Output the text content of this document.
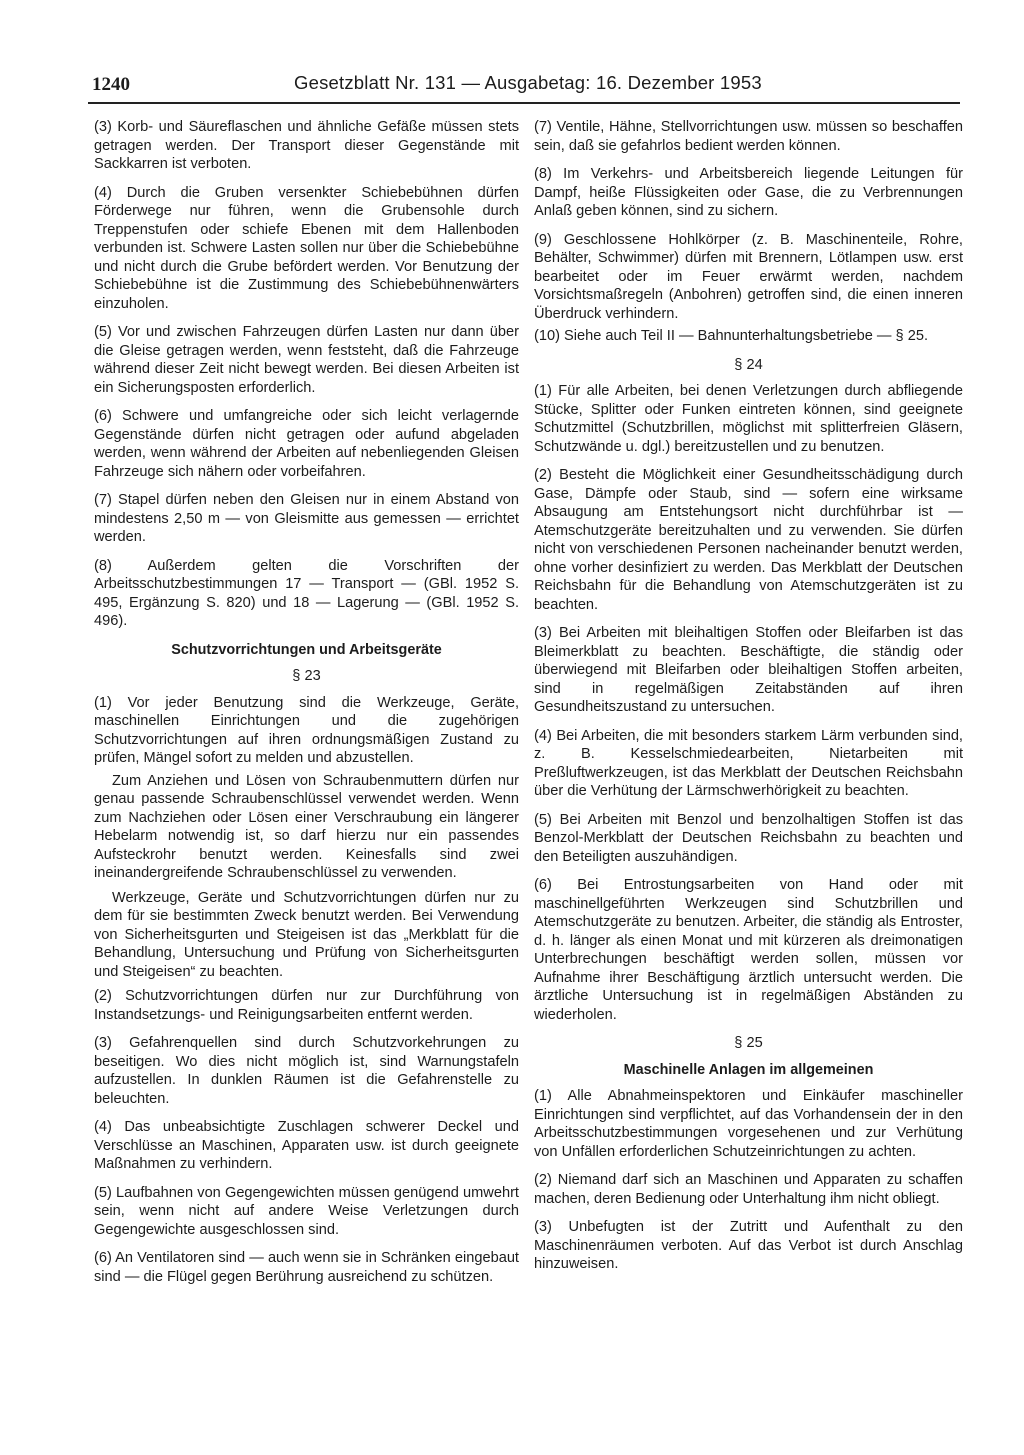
1240	Gesetzblatt Nr. 131 — Ausgabetag: 16. Dezember 1953

(3) Korb- und Säureflaschen und ähnliche Gefäße müssen stets getragen werden. Der Transport dieser Gegenstände mit Sackkarren ist verboten.

(4) Durch die Gruben versenkter Schiebebühnen dürfen Förderwege nur führen, wenn die Grubensohle durch Treppenstufen oder schiefe Ebenen mit dem Hallenboden verbunden ist. Schwere Lasten sollen nur über die Schiebebühne und nicht durch die Grube befördert werden. Vor Benutzung der Schiebebühne ist die Zustimmung des Schiebebühnenwärters einzuholen.

(5) Vor und zwischen Fahrzeugen dürfen Lasten nur dann über die Gleise getragen werden, wenn feststeht, daß die Fahrzeuge während dieser Zeit nicht bewegt werden. Bei diesen Arbeiten ist ein Sicherungsposten erforderlich.

(6) Schwere und umfangreiche oder sich leicht verlagernde Gegenstände dürfen nicht getragen oder aufund abgeladen werden, wenn während der Arbeiten auf nebenliegenden Gleisen Fahrzeuge sich nähern oder vorbeifahren.

(7) Stapel dürfen neben den Gleisen nur in einem Abstand von mindestens 2,50 m — von Gleismitte aus gemessen — errichtet werden.

(8) Außerdem gelten die Vorschriften der Arbeitsschutzbestimmungen 17 — Transport — (GBl. 1952 S. 495, Ergänzung S. 820) und 18 — Lagerung — (GBl. 1952 S. 496).

Schutzvorrichtungen und Arbeitsgeräte
§ 23

(1) Vor jeder Benutzung sind die Werkzeuge, Geräte, maschinellen Einrichtungen und die zugehörigen Schutzvorrichtungen auf ihren ordnungsmäßigen Zustand zu prüfen, Mängel sofort zu melden und abzustellen.

Zum Anziehen und Lösen von Schraubenmuttern dürfen nur genau passende Schraubenschlüssel verwendet werden. Wenn zum Nachziehen oder Lösen einer Verschraubung ein längerer Hebelarm notwendig ist, so darf hierzu nur ein passendes Aufsteckrohr benutzt werden. Keinesfalls sind zwei ineinandergreifende Schraubenschlüssel zu verwenden.

Werkzeuge, Geräte und Schutzvorrichtungen dürfen nur zu dem für sie bestimmten Zweck benutzt werden. Bei Verwendung von Sicherheitsgurten und Steigeisen ist das „Merkblatt für die Behandlung, Untersuchung und Prüfung von Sicherheitsgurten und Steigeisen“ zu beachten.

(2) Schutzvorrichtungen dürfen nur zur Durchführung von Instandsetzungs- und Reinigungsarbeiten entfernt werden.

(3) Gefahrenquellen sind durch Schutzvorkehrungen zu beseitigen. Wo dies nicht möglich ist, sind Warnungstafeln aufzustellen. In dunklen Räumen ist die Gefahrenstelle zu beleuchten.

(4) Das unbeabsichtigte Zuschlagen schwerer Deckel und Verschlüsse an Maschinen, Apparaten usw. ist durch geeignete Maßnahmen zu verhindern.

(5) Laufbahnen von Gegengewichten müssen genügend umwehrt sein, wenn nicht auf andere Weise Verletzungen durch Gegengewichte ausgeschlossen sind.

(6) An Ventilatoren sind — auch wenn sie in Schränken eingebaut sind — die Flügel gegen Berührung ausreichend zu schützen.

(7) Ventile, Hähne, Stellvorrichtungen usw. müssen so beschaffen sein, daß sie gefahrlos bedient werden können.

(8) Im Verkehrs- und Arbeitsbereich liegende Leitungen für Dampf, heiße Flüssigkeiten oder Gase, die zu Verbrennungen Anlaß geben können, sind zu sichern.

(9) Geschlossene Hohlkörper (z. B. Maschinenteile, Rohre, Behälter, Schwimmer) dürfen mit Brennern, Lötlampen usw. erst bearbeitet oder im Feuer erwärmt werden, nachdem Vorsichtsmaßregeln (Anbohren) getroffen sind, die einen inneren Überdruck verhindern.

(10) Siehe auch Teil II — Bahnunterhaltungsbetriebe — § 25.

§ 24

(1) Für alle Arbeiten, bei denen Verletzungen durch abfliegende Stücke, Splitter oder Funken eintreten können, sind geeignete Schutzmittel (Schutzbrillen, möglichst mit splitterfreien Gläsern, Schutzwände u. dgl.) bereitzustellen und zu benutzen.

(2) Besteht die Möglichkeit einer Gesundheitsschädigung durch Gase, Dämpfe oder Staub, sind — sofern eine wirksame Absaugung am Entstehungsort nicht durchführbar ist — Atemschutzgeräte bereitzuhalten und zu verwenden. Sie dürfen nicht von verschiedenen Personen nacheinander benutzt werden, ohne vorher desinfiziert zu werden. Das Merkblatt der Deutschen Reichsbahn für die Behandlung von Atemschutzgeräten ist zu beachten.

(3) Bei Arbeiten mit bleihaltigen Stoffen oder Bleifarben ist das Bleimerkblatt zu beachten. Beschäftigte, die ständig oder überwiegend mit Bleifarben oder bleihaltigen Stoffen arbeiten, sind in regelmäßigen Zeitabständen auf ihren Gesundheitszustand zu untersuchen.

(4) Bei Arbeiten, die mit besonders starkem Lärm verbunden sind, z. B. Kesselschmiedearbeiten, Nietarbeiten mit Preßluftwerkzeugen, ist das Merkblatt der Deutschen Reichsbahn über die Verhütung der Lärmschwerhörigkeit zu beachten.

(5) Bei Arbeiten mit Benzol und benzolhaltigen Stoffen ist das Benzol-Merkblatt der Deutschen Reichsbahn zu beachten und den Beteiligten auszuhändigen.

(6) Bei Entrostungsarbeiten von Hand oder mit maschinellgeführten Werkzeugen sind Schutzbrillen und Atemschutzgeräte zu benutzen. Arbeiter, die ständig als Entroster, d. h. länger als einen Monat und mit kürzeren als dreimonatigen Unterbrechungen beschäftigt werden sollen, müssen vor Aufnahme ihrer Beschäftigung ärztlich untersucht werden. Die ärztliche Untersuchung ist in regelmäßigen Abständen zu wiederholen.

§ 25
Maschinelle Anlagen im allgemeinen

(1) Alle Abnahmeinspektoren und Einkäufer maschineller Einrichtungen sind verpflichtet, auf das Vorhandensein der in den Arbeitsschutzbestimmungen vorgesehenen und zur Verhütung von Unfällen erforderlichen Schutzeinrichtungen zu achten.

(2) Niemand darf sich an Maschinen und Apparaten zu schaffen machen, deren Bedienung oder Unterhaltung ihm nicht obliegt.

(3) Unbefugten ist der Zutritt und Aufenthalt zu den Maschinenräumen verboten. Auf das Verbot ist durch Anschlag hinzuweisen.
